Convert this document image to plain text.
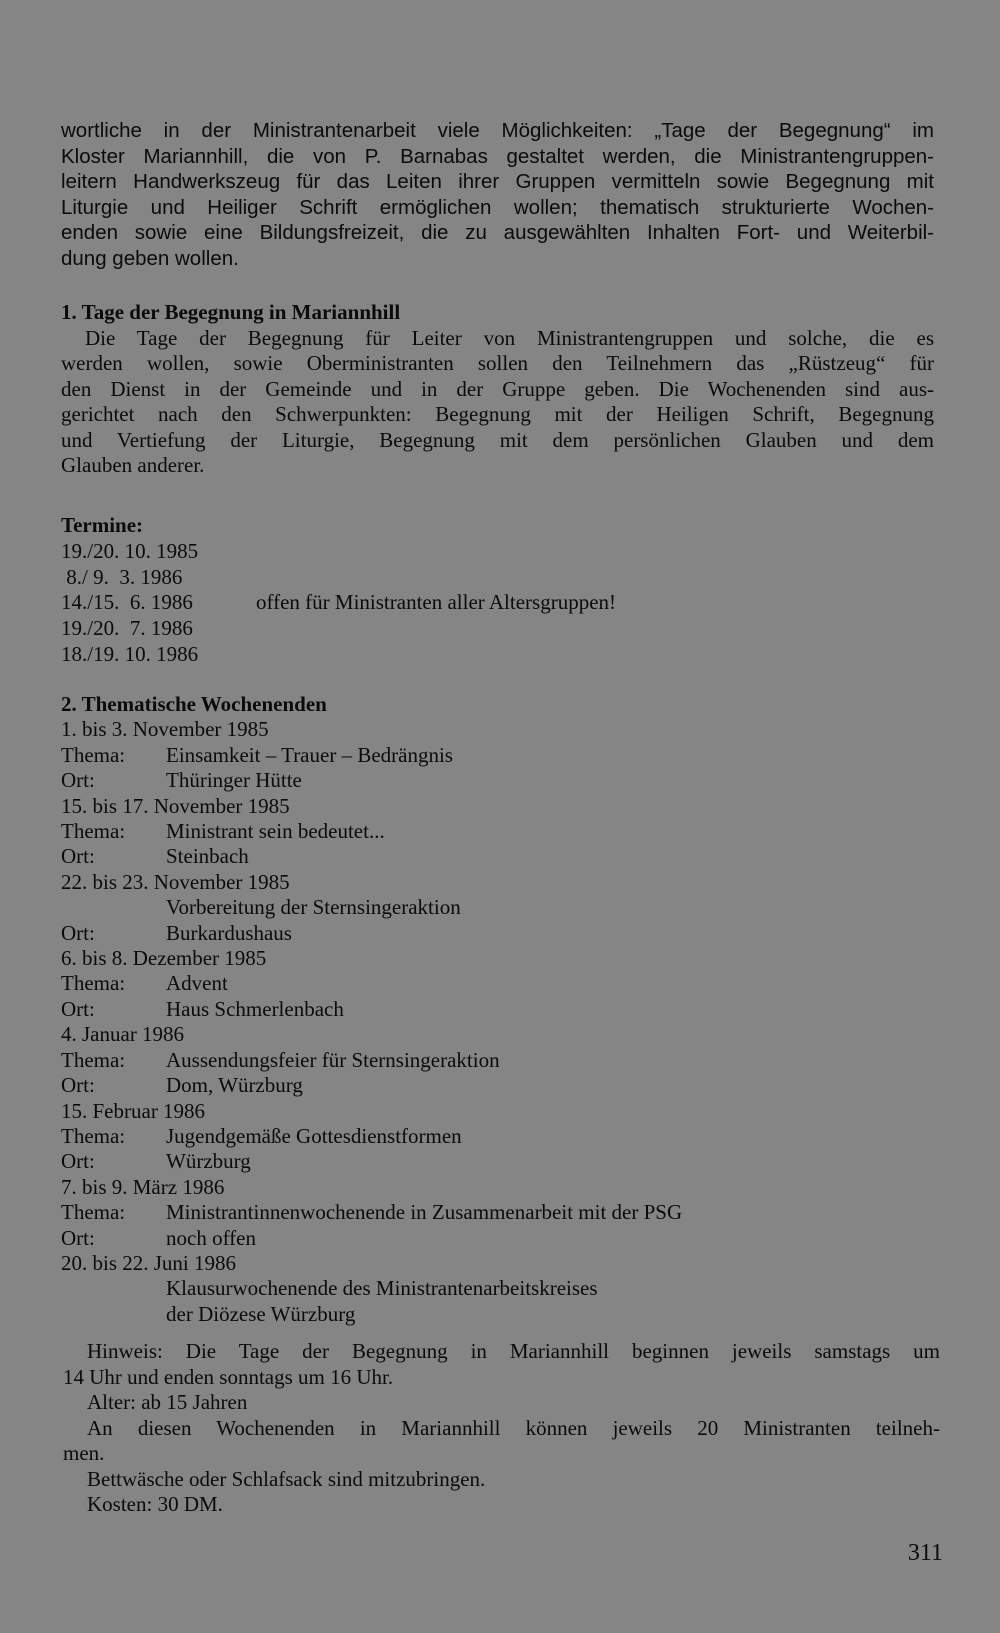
wortliche in der Ministrantenarbeit viele Möglichkeiten: „Tage der Begegnung“ im
Kloster Mariannhill, die von P. Barnabas gestaltet werden, die Ministrantengruppen-
leitern Handwerkszeug für das Leiten ihrer Gruppen vermitteln sowie Begegnung mit
Liturgie und Heiliger Schrift ermöglichen wollen; thematisch strukturierte Wochen-
enden sowie eine Bildungsfreizeit, die zu ausgewählten Inhalten Fort- und Weiterbil-
dung geben wollen.
1. Tage der Begegnung in Mariannhill
Die Tage der Begegnung für Leiter von Ministrantengruppen und solche, die es
werden wollen, sowie Oberministranten sollen den Teilnehmern das „Rüstzeug“ für
den Dienst in der Gemeinde und in der Gruppe geben. Die Wochenenden sind aus-
gerichtet nach den Schwerpunkten: Begegnung mit der Heiligen Schrift, Begegnung
und Vertiefung der Liturgie, Begegnung mit dem persönlichen Glauben und dem
Glauben anderer.
Termine:
19./20. 10. 1985
8./ 9.  3. 1986
14./15.  6. 1986	offen für Ministranten aller Altersgruppen!
19./20.  7. 1986
18./19. 10. 1986
2. Thematische Wochenenden
1. bis 3. November 1985
Thema:	Einsamkeit – Trauer – Bedrängnis
Ort:	Thüringer Hütte
15. bis 17. November 1985
Thema:	Ministrant sein bedeutet...
Ort:	Steinbach
22. bis 23. November 1985
Vorbereitung der Sternsingeraktion
Ort:	Burkardushaus
6. bis 8. Dezember 1985
Thema:	Advent
Ort:	Haus Schmerlenbach
4. Januar 1986
Thema:	Aussendungsfeier für Sternsingeraktion
Ort:	Dom, Würzburg
15. Februar 1986
Thema:	Jugendgemäße Gottesdienstformen
Ort:	Würzburg
7. bis 9. März 1986
Thema:	Ministrantinnenwochenende in Zusammenarbeit mit der PSG
Ort:	noch offen
20. bis 22. Juni 1986
Klausurwochenende des Ministrantenarbeitskreises
der Diözese Würzburg
Hinweis: Die Tage der Begegnung in Mariannhill beginnen jeweils samstags um
14 Uhr und enden sonntags um 16 Uhr.
Alter: ab 15 Jahren
An diesen Wochenenden in Mariannhill können jeweils 20 Ministranten teilneh-
men.
Bettwäsche oder Schlafsack sind mitzubringen.
Kosten: 30 DM.
311
